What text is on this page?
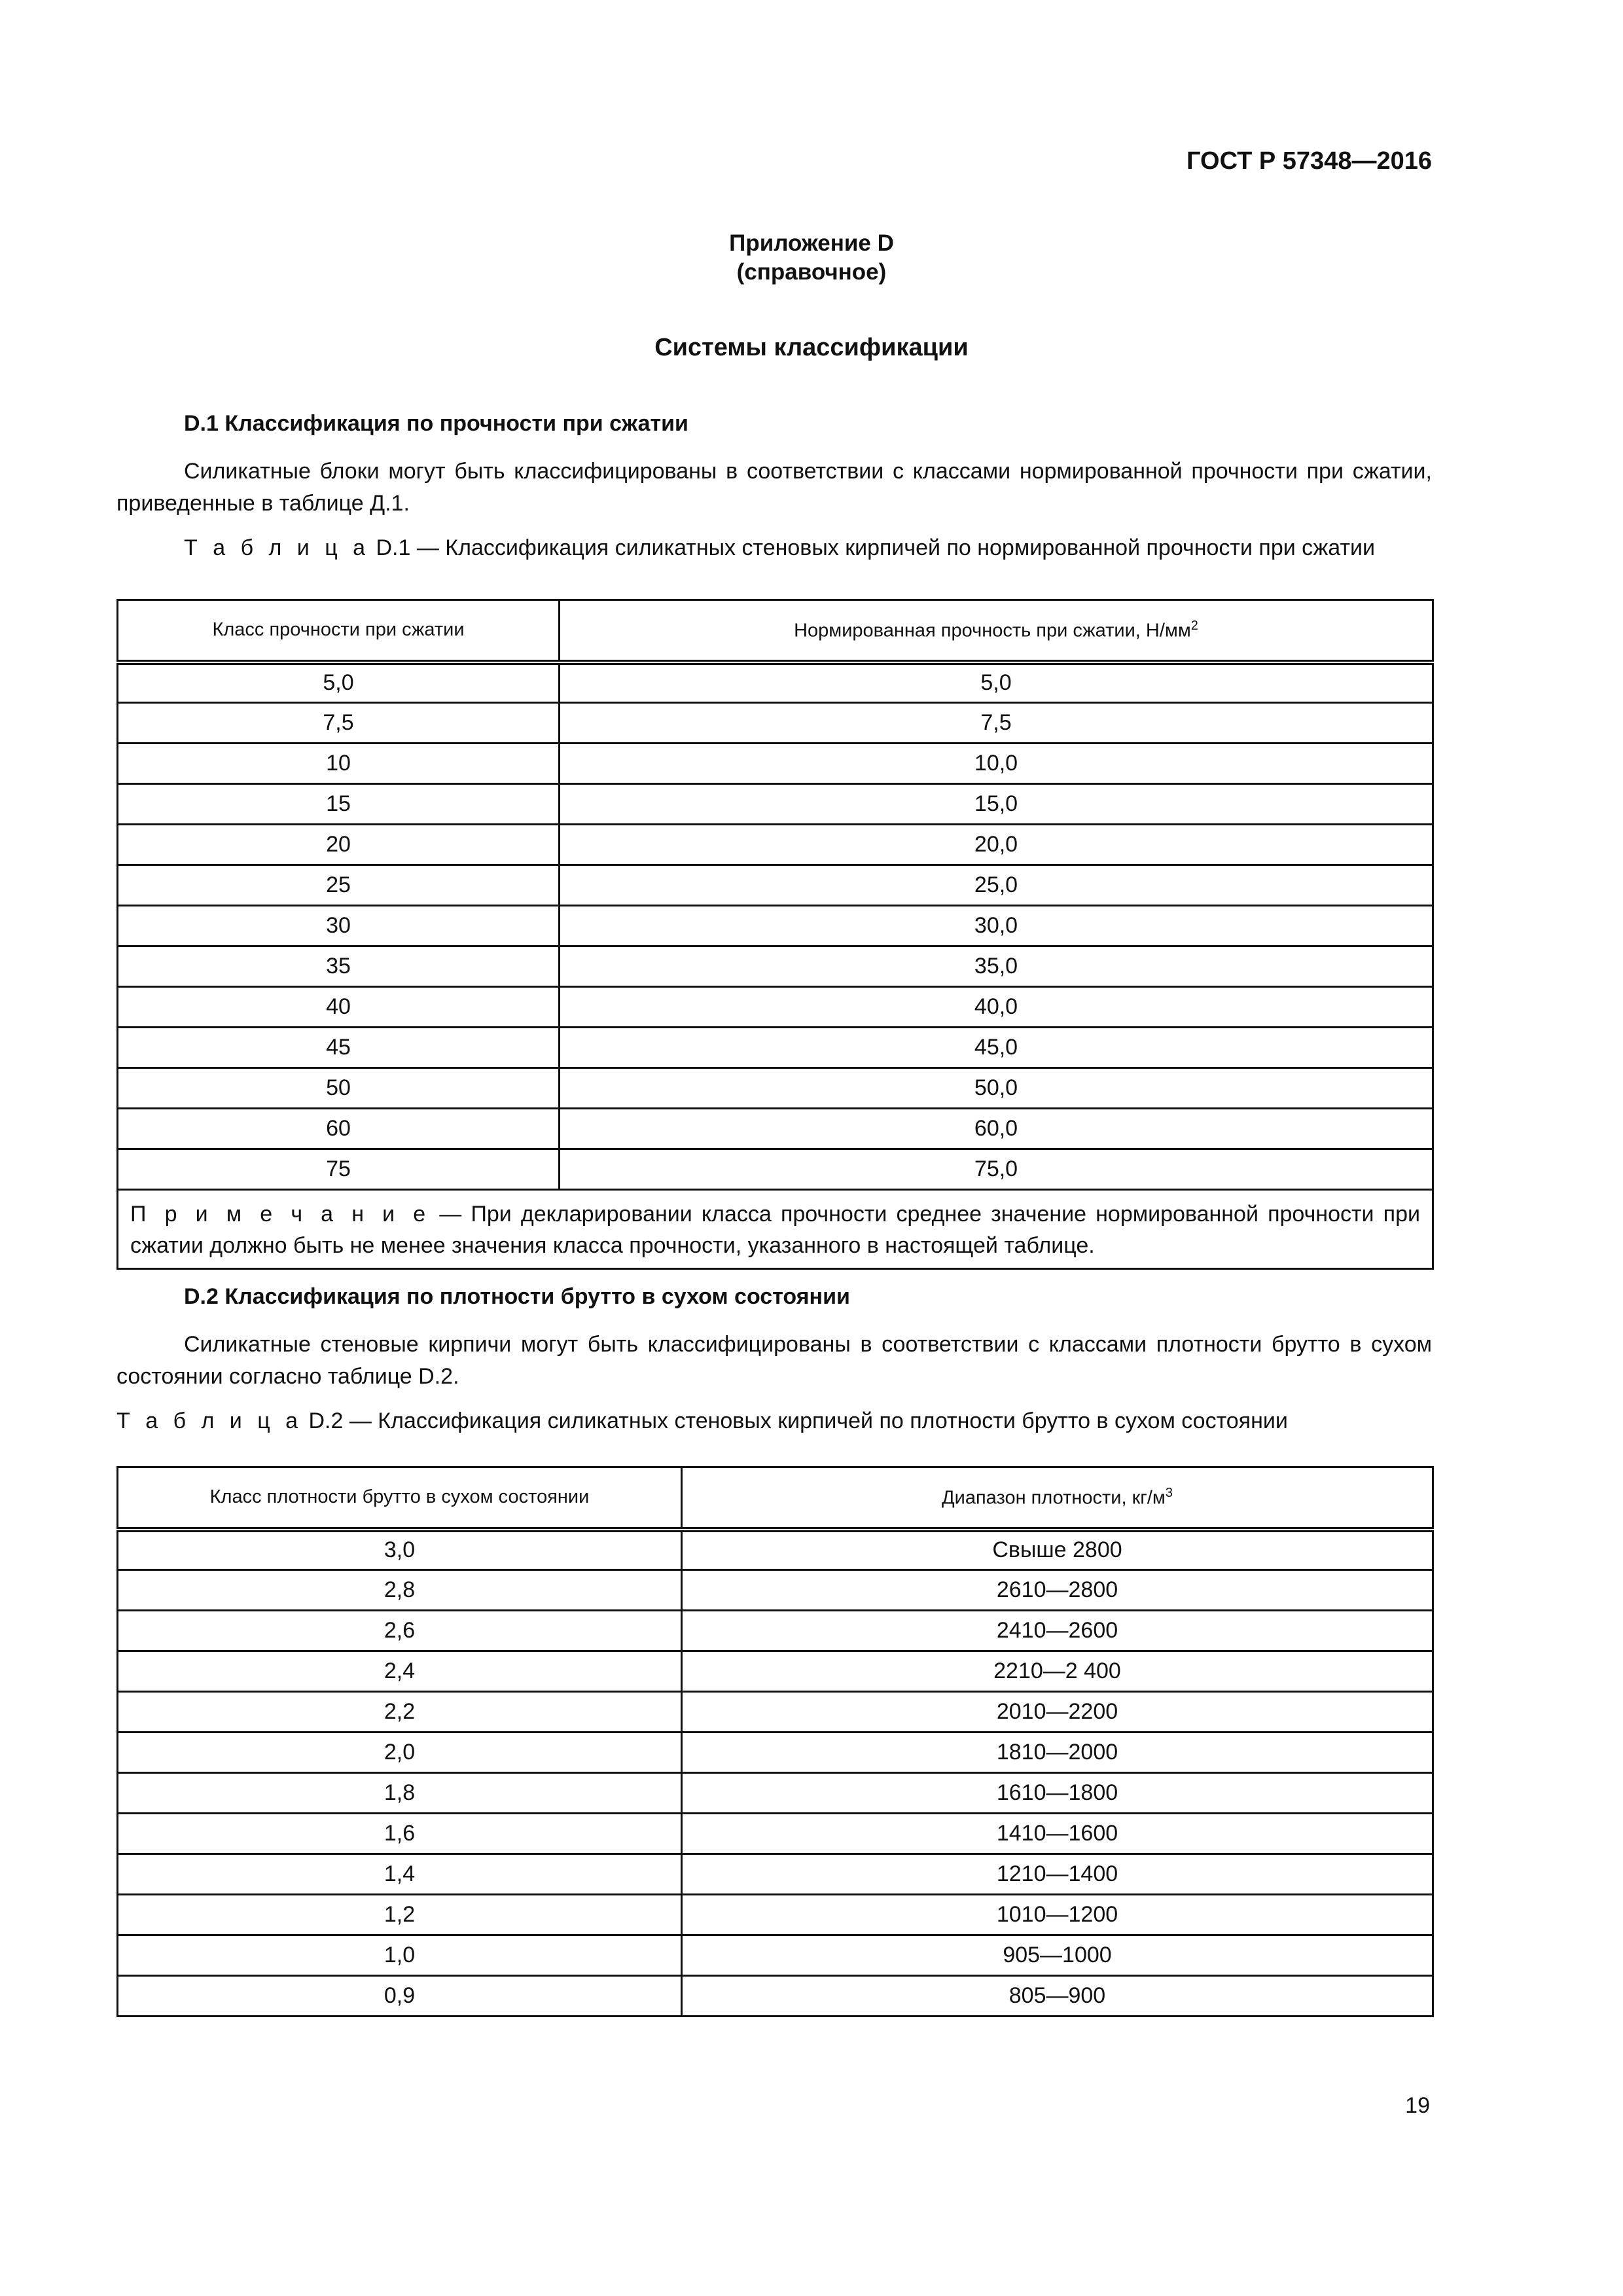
ГОСТ Р 57348—2016
Приложение D
(справочное)
Системы классификации
D.1 Классификация по прочности при сжатии
Силикатные блоки могут быть классифицированы в соответствии с классами нормированной прочности при сжатии, приведенные в таблице Д.1.
Т а б л и ц а D.1 — Классификация силикатных стеновых кирпичей по нормированной прочности при сжатии
Класс прочности при сжатии	Нормированная прочность при сжатии, $Н/мм^2$
5,0	5,0
7,5	7,5
10	10,0
15	15,0
20	20,0
25	25,0
30	30,0
35	35,0
40	40,0
45	45,0
50	50,0
60	60,0
75	75,0
П р и м е ч а н и е — При декларировании класса прочности среднее значение нормированной прочности при сжатии должно быть не менее значения класса прочности, указанного в настоящей таблице.	
D.2 Классификация по плотности брутто в сухом состоянии
Силикатные стеновые кирпичи могут быть классифицированы в соответствии с классами плотности брутто в сухом состоянии согласно таблице D.2.
Т а б л и ц а D.2 — Классификация силикатных стеновых кирпичей по плотности брутто в сухом состоянии
Класс плотности брутто в сухом состоянии	Диапазон плотности, $кг/м^3$
3,0	Свыше 2800
2,8	2610—2800
2,6	2410—2600
2,4	2210—2 400
2,2	2010—2200
2,0	1810—2000
1,8	1610—1800
1,6	1410—1600
1,4	1210—1400
1,2	1010—1200
1,0	905—1000
0,9	805—900
19
